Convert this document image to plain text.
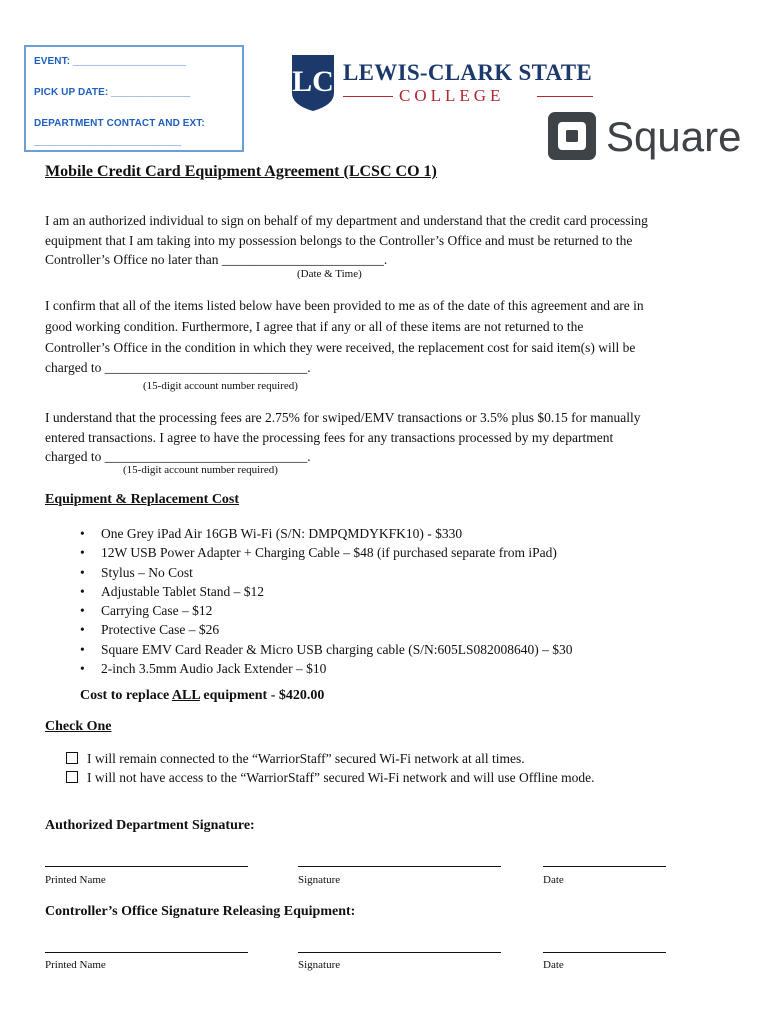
EVENT: ____________________
PICK UP DATE: ______________
DEPARTMENT CONTACT AND EXT:
__________________________
LC LEWIS-CLARK STATE
COLLEGE
Square
Mobile Credit Card Equipment Agreement (LCSC CO 1)
I am an authorized individual to sign on behalf of my department and understand that the credit card processing
equipment that I am taking into my possession belongs to the Controller’s Office and must be returned to the
Controller’s Office no later than ________________________.
(Date & Time)
I confirm that all of the items listed below have been provided to me as of the date of this agreement and are in
good working condition. Furthermore, I agree that if any or all of these items are not returned to the
Controller’s Office in the condition in which they were received, the replacement cost for said item(s) will be
charged to ______________________________.
(15-digit account number required)
I understand that the processing fees are 2.75% for swiped/EMV transactions or 3.5% plus $0.15 for manually
entered transactions. I agree to have the processing fees for any transactions processed by my department
charged to ______________________________.
(15-digit account number required)
Equipment & Replacement Cost
• One Grey iPad Air 16GB Wi-Fi (S/N: DMPQMDYKFK10) - $330
• 12W USB Power Adapter + Charging Cable – $48 (if purchased separate from iPad)
• Stylus – No Cost
• Adjustable Tablet Stand – $12
• Carrying Case – $12
• Protective Case – $26
• Square EMV Card Reader & Micro USB charging cable (S/N:605LS082008640) – $30
• 2-inch 3.5mm Audio Jack Extender – $10
Cost to replace ALL equipment - $420.00
Check One
I will remain connected to the “WarriorStaff” secured Wi-Fi network at all times.
I will not have access to the “WarriorStaff” secured Wi-Fi network and will use Offline mode.
Authorized Department Signature:
Printed Name	Signature	Date
Controller’s Office Signature Releasing Equipment:
Printed Name	Signature	Date
